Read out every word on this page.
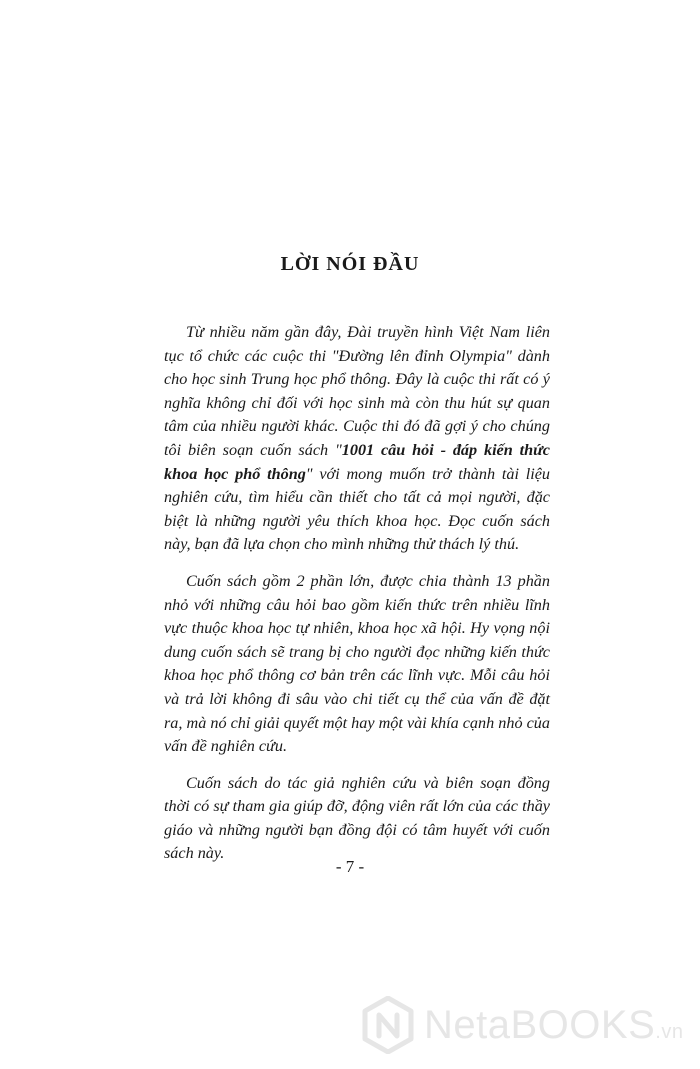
LỜI NÓI ĐẦU

Từ nhiều năm gần đây, Đài truyền hình Việt Nam liên tục tổ chức các cuộc thi "Đường lên đỉnh Olympia" dành cho học sinh Trung học phổ thông. Đây là cuộc thi rất có ý nghĩa không chỉ đối với học sinh mà còn thu hút sự quan tâm của nhiều người khác. Cuộc thi đó đã gợi ý cho chúng tôi biên soạn cuốn sách "1001 câu hỏi - đáp kiến thức khoa học phổ thông" với mong muốn trở thành tài liệu nghiên cứu, tìm hiểu cần thiết cho tất cả mọi người, đặc biệt là những người yêu thích khoa học. Đọc cuốn sách này, bạn đã lựa chọn cho mình những thử thách lý thú.

Cuốn sách gồm 2 phần lớn, được chia thành 13 phần nhỏ với những câu hỏi bao gồm kiến thức trên nhiều lĩnh vực thuộc khoa học tự nhiên, khoa học xã hội. Hy vọng nội dung cuốn sách sẽ trang bị cho người đọc những kiến thức khoa học phổ thông cơ bản trên các lĩnh vực. Mỗi câu hỏi và trả lời không đi sâu vào chi tiết cụ thể của vấn đề đặt ra, mà nó chỉ giải quyết một hay một vài khía cạnh nhỏ của vấn đề nghiên cứu.

Cuốn sách do tác giả nghiên cứu và biên soạn đồng thời có sự tham gia giúp đỡ, động viên rất lớn của các thầy giáo và những người bạn đồng đội có tâm huyết với cuốn sách này.

- 7 -
NetaBOOKS.vn
